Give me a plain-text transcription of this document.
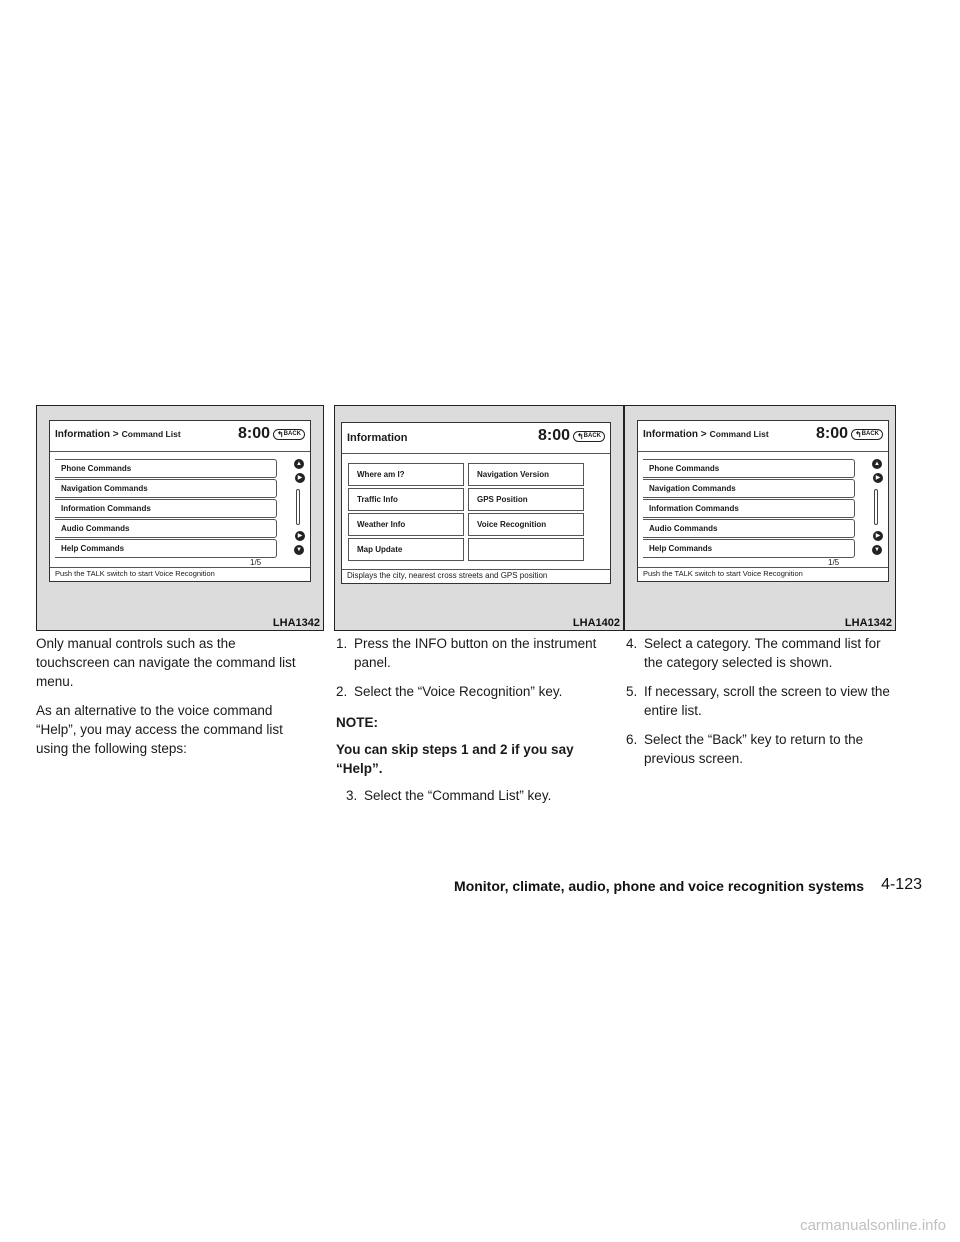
Information > Command List	8:00 ↰ BACK
Phone Commands
Navigation Commands
Information Commands
Audio Commands
Help Commands
1/5
▲
▶
▶
▼
Push the TALK switch to start Voice Recognition
LHA1342
Information	8:00 ↰ BACK
Where am I?
Traffic Info
Weather Info
Map Update
Navigation Version
GPS Position
Voice Recognition
Displays the city, nearest cross streets and GPS position
LHA1402
Information > Command List	8:00 ↰ BACK
Phone Commands
Navigation Commands
Information Commands
Audio Commands
Help Commands
1/5
▲
▶
▶
▼
Push the TALK switch to start Voice Recognition
LHA1342

Only manual controls such as the touchscreen can navigate the command list menu.

As an alternative to the voice command “Help”, you may access the command list using the following steps:

1. Press the INFO button on the instrument panel.
2. Select the “Voice Recognition” key.
NOTE:
You can skip steps 1 and 2 if you say “Help”.
3. Select the “Command List” key.
4. Select a category. The command list for the category selected is shown.
5. If necessary, scroll the screen to view the entire list.
6. Select the “Back” key to return to the previous screen.
Monitor, climate, audio, phone and voice recognition systems 4-123
carmanualsonline.info
